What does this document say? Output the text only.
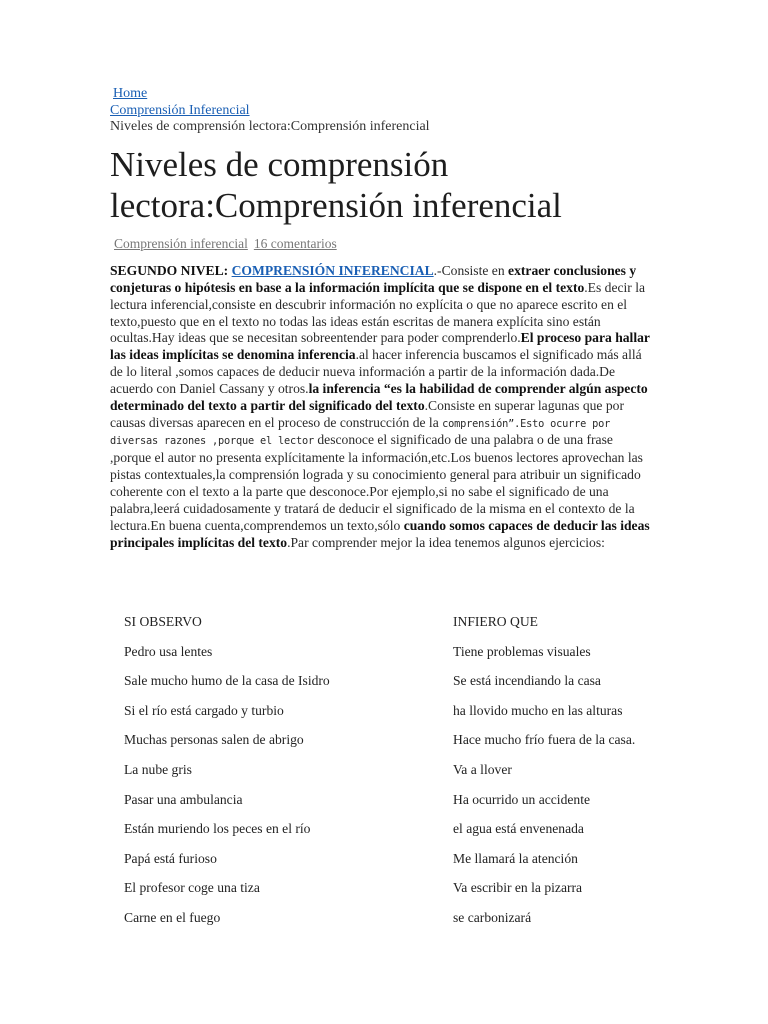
Home
Comprensión Inferencial
Niveles de comprensión lectora:Comprensión inferencial
Niveles de comprensión lectora:Comprensión inferencial
Comprensión inferencial 16 comentarios

SEGUNDO NIVEL: COMPRENSIÓN INFERENCIAL.-Consiste en extraer conclusiones y conjeturas o hipótesis en base a la información implícita que se dispone en el texto.Es decir la lectura inferencial,consiste en descubrir información no explícita o que no aparece escrito en el texto,puesto que en el texto no todas las ideas están escritas de manera explícita sino están ocultas.Hay ideas que se necesitan sobreentender para poder comprenderlo.El proceso para hallar las ideas implícitas se denomina inferencia.al hacer inferencia buscamos el significado más allá de lo literal ,somos capaces de deducir nueva información a partir de la información dada.De acuerdo con Daniel Cassany y otros.la inferencia “es la habilidad de comprender algún aspecto determinado del texto a partir del significado del texto.Consiste en superar lagunas que por causas diversas aparecen en el proceso de construcción de la comprensión”.Esto ocurre por diversas razones ,porque el lector desconoce el significado de una palabra o de una frase ,porque el autor no presenta explícitamente la información,etc.Los buenos lectores aprovechan las pistas contextuales,la comprensión lograda y su conocimiento general para atribuir un significado coherente con el texto a la parte que desconoce.Por ejemplo,si no sabe el significado de una palabra,leerá cuidadosamente y tratará de deducir el significado de la misma en el contexto de la lectura.En buena cuenta,comprendemos un texto,sólo cuando somos capaces de deducir las ideas principales implícitas del texto.Par comprender mejor la idea tenemos algunos ejercicios:

SI OBSERVO	INFIERO QUE
Pedro usa lentes	Tiene problemas visuales
Sale mucho humo de la casa de Isidro	Se está incendiando la casa
Si el río está cargado y turbio	ha llovido mucho en las alturas
Muchas personas salen de abrigo	Hace mucho frío fuera de la casa.
La nube gris	Va a llover
Pasar una ambulancia	Ha ocurrido un accidente
Están muriendo los peces en el río	el agua está envenenada
Papá está furioso	Me llamará la atención
El profesor coge una tiza	Va escribir en la pizarra
Carne en el fuego	se carbonizará
